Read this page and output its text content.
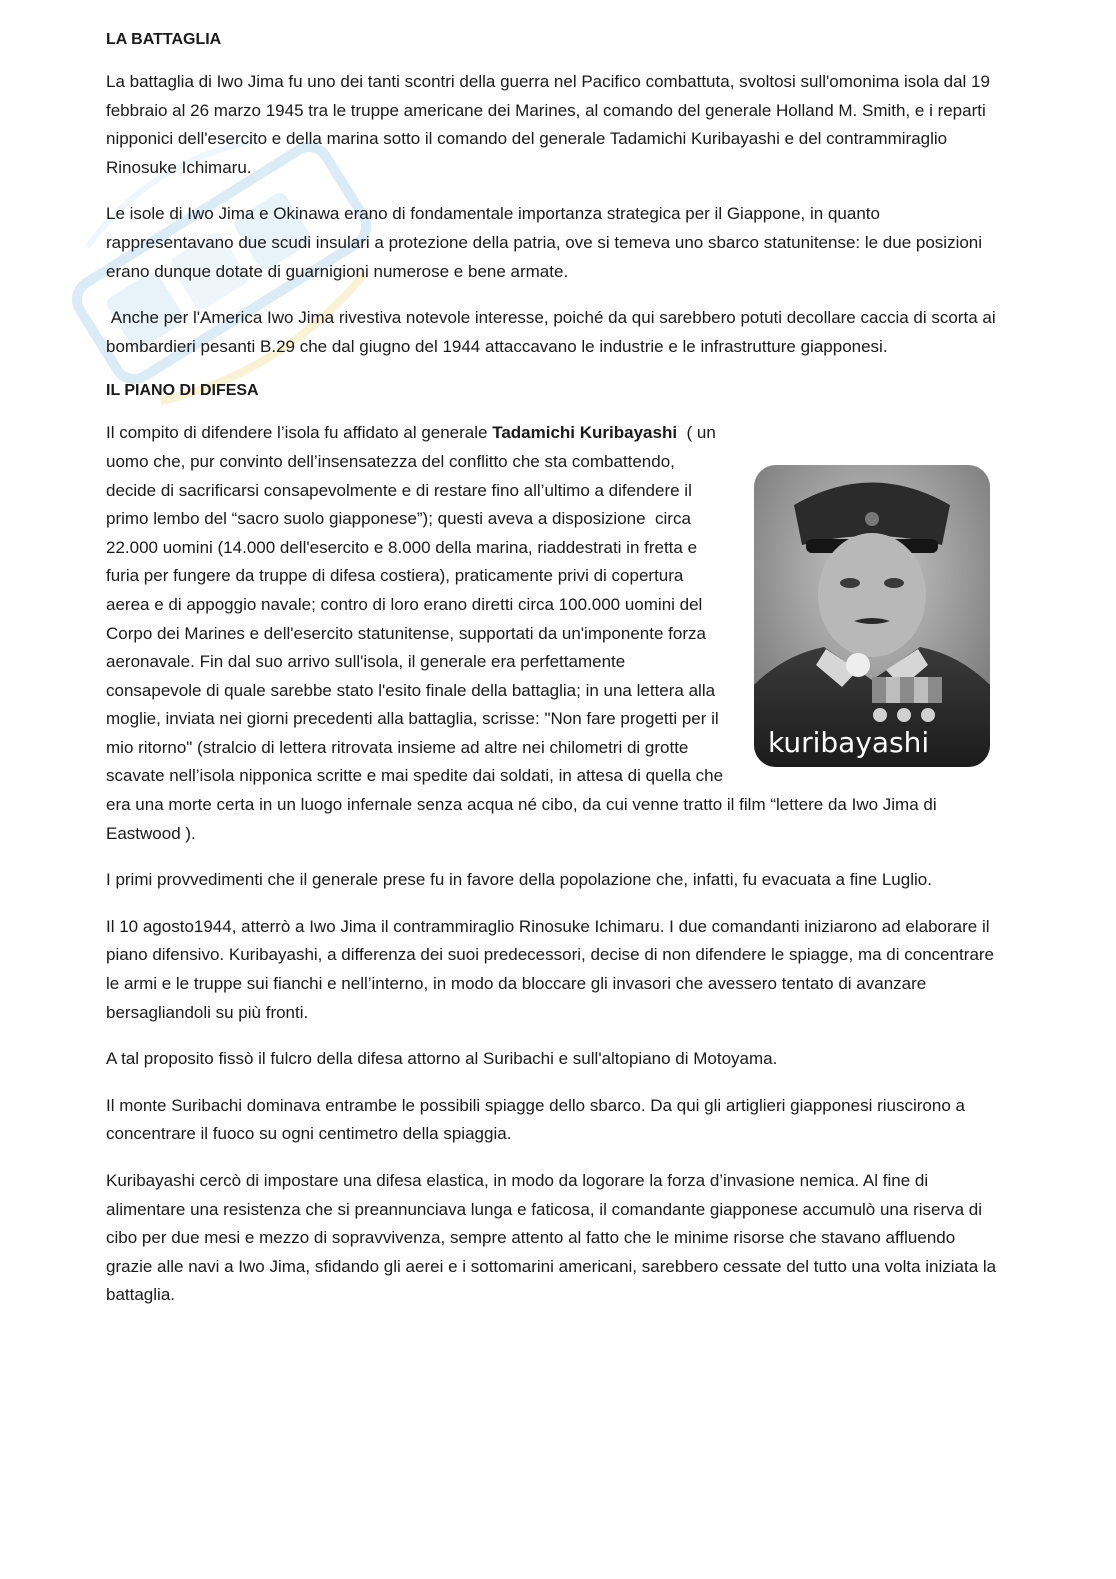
LA BATTAGLIA

La battaglia di Iwo Jima fu uno dei tanti scontri della guerra nel Pacifico combattuta, svoltosi sull'omonima isola dal 19 febbraio al 26 marzo 1945 tra le truppe americane dei Marines, al comando del generale Holland M. Smith, e i reparti nipponici dell'esercito e della marina sotto il comando del generale Tadamichi Kuribayashi e del contrammiraglio Rinosuke Ichimaru.

Le isole di Iwo Jima e Okinawa erano di fondamentale importanza strategica per il Giappone, in quanto rappresentavano due scudi insulari a protezione della patria, ove si temeva uno sbarco statunitense: le due posizioni erano dunque dotate di guarnigioni numerose e bene armate.

Anche per l'America Iwo Jima rivestiva notevole interesse, poiché da qui sarebbero potuti decollare caccia di scorta ai bombardieri pesanti B.29 che dal giugno del 1944 attaccavano le industrie e le infrastrutture giapponesi.

IL PIANO DI DIFESA
kuribayashi

Il compito di difendere l’isola fu affidato al generale Tadamichi Kuribayashi  ( un uomo che, pur convinto dell’insensatezza del conflitto che sta combattendo, decide di sacrificarsi consapevolmente e di restare fino all’ultimo a difendere il primo lembo del “sacro suolo giapponese”); questi aveva a disposizione  circa 22.000 uomini (14.000 dell'esercito e 8.000 della marina, riaddestrati in fretta e furia per fungere da truppe di difesa costiera), praticamente privi di copertura aerea e di appoggio navale; contro di loro erano diretti circa 100.000 uomini del Corpo dei Marines e dell'esercito statunitense, supportati da un'imponente forza aeronavale. Fin dal suo arrivo sull'isola, il generale era perfettamente consapevole di quale sarebbe stato l'esito finale della battaglia; in una lettera alla moglie, inviata nei giorni precedenti alla battaglia, scrisse: "Non fare progetti per il mio ritorno" (stralcio di lettera ritrovata insieme ad altre nei chilometri di grotte scavate nell’isola nipponica scritte e mai spedite dai soldati, in attesa di quella che era una morte certa in un luogo infernale senza acqua né cibo, da cui venne tratto il film “lettere da Iwo Jima di Eastwood ).

I primi provvedimenti che il generale prese fu in favore della popolazione che, infatti, fu evacuata a fine Luglio.

Il 10 agosto1944, atterrò a Iwo Jima il contrammiraglio Rinosuke Ichimaru. I due comandanti iniziarono ad elaborare il piano difensivo. Kuribayashi, a differenza dei suoi predecessori, decise di non difendere le spiagge, ma di concentrare le armi e le truppe sui fianchi e nell’interno, in modo da bloccare gli invasori che avessero tentato di avanzare bersagliandoli su più fronti.

A tal proposito fissò il fulcro della difesa attorno al Suribachi e sull'altopiano di Motoyama.

Il monte Suribachi dominava entrambe le possibili spiagge dello sbarco. Da qui gli artiglieri giapponesi riuscirono a concentrare il fuoco su ogni centimetro della spiaggia.

Kuribayashi cercò di impostare una difesa elastica, in modo da logorare la forza d’invasione nemica. Al fine di alimentare una resistenza che si preannunciava lunga e faticosa, il comandante giapponese accumulò una riserva di cibo per due mesi e mezzo di sopravvivenza, sempre attento al fatto che le minime risorse che stavano affluendo grazie alle navi a Iwo Jima, sfidando gli aerei e i sottomarini americani, sarebbero cessate del tutto una volta iniziata la battaglia.
